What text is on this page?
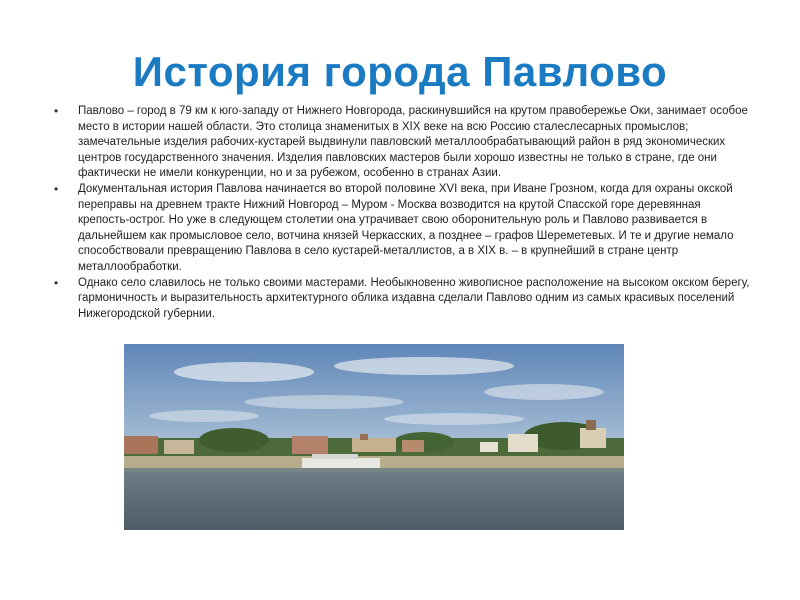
История города Павлово
• Павлово – город в 79 км к юго-западу от Нижнего Новгорода, раскинувшийся на крутом правобережье Оки, занимает особое место в истории нашей области. Это столица знаменитых в XIX веке на всю Россию сталеслесарных промыслов; замечательные изделия рабочих-кустарей выдвинули павловский металлообрабатывающий район в ряд экономических центров государственного значения. Изделия павловских мастеров были хорошо известны не только в стране, где они фактически не имели конкуренции, но и за рубежом, особенно в странах Азии.
• Документальная история Павлова начинается во второй половине XVI века, при Иване Грозном, когда для охраны окской переправы на древнем тракте Нижний Новгород – Муром - Москва возводится на крутой Спасской горе деревянная крепость-острог. Но уже в следующем столетии она утрачивает свою оборонительную роль и Павлово развивается в дальнейшем как промысловое село, вотчина князей Черкасских, а позднее – графов Шереметевых. И те и другие немало способствовали превращению Павлова в село кустарей-металлистов, а в XIX в. – в крупнейший в стране центр металлообработки.
• Однако село славилось не только своими мастерами. Необыкновенно живописное расположение на высоком окском берегу, гармоничность и выразительность архитектурного облика издавна сделали Павлово одним из самых красивых поселений Нижегородской губернии.
